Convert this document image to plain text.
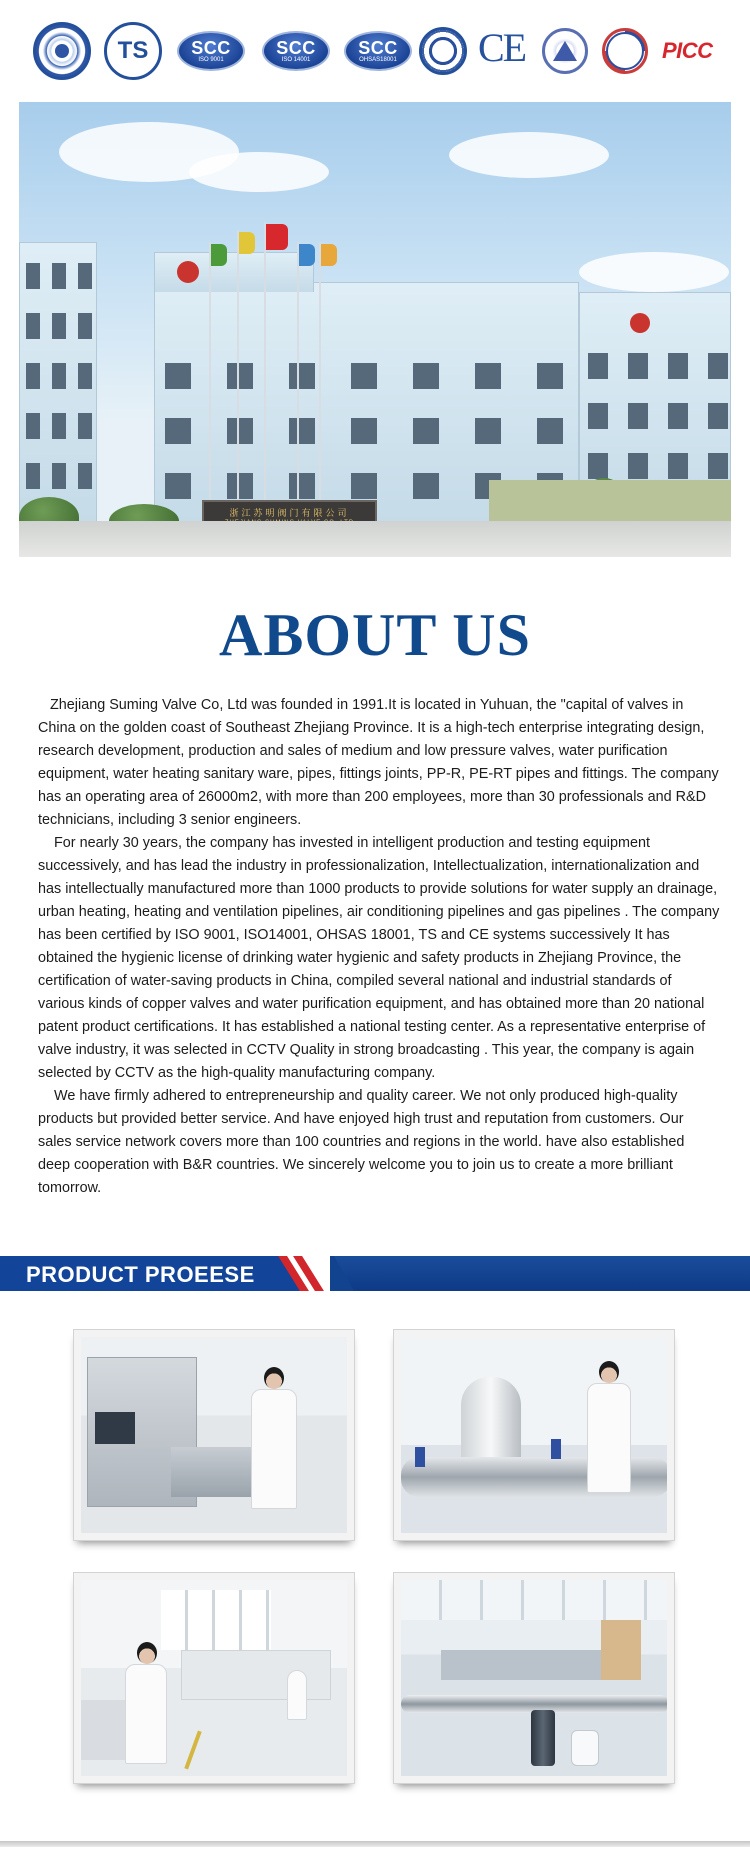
TS SCC
ISO 9001
SCC
ISO 14001
SCC
OHSAS18001 CE	PICC
浙江苏明阀门有限公司
ABOUT US

Zhejiang Suming Valve Co, Ltd was founded in 1991.It is located in Yuhuan, the "capital of valves in China on the golden coast of Southeast Zhejiang Province. It is a high-tech enterprise integrating design, research development, production and sales of medium and low pressure valves, water purification equipment, water heating sanitary ware, pipes, fittings joints, PP-R, PE-RT pipes and fittings. The company has an operating area of 26000m2, with more than 200 employees, more than 30 professionals and R&D technicians, including 3 senior engineers.

For nearly 30 years, the company has invested in intelligent production and testing equipment successively, and has lead the industry in professionalization, Intellectualization, internationalization and has intellectually manufactured more than 1000 products to provide solutions for water supply an drainage, urban heating, heating and ventilation pipelines, air conditioning pipelines and gas pipelines . The company has been certified by ISO 9001, ISO14001, OHSAS 18001, TS and CE systems successively It has obtained the hygienic license of drinking water hygienic and safety products in Zhejiang Province, the certification of water-saving products in China, compiled several national and industrial standards of various kinds of copper valves and water purification equipment, and has obtained more than 20 national patent product certifications. It has established a national testing center. As a representative enterprise of valve industry, it was selected in CCTV Quality in strong broadcasting . This year, the company is again selected by CCTV as the high-quality manufacturing company.

We have firmly adhered to entrepreneurship and quality career. We not only produced high-quality products but provided better service. And have enjoyed high trust and reputation from customers. Our sales service network covers more than 100 countries and regions in the world. have also established deep cooperation with B&R countries. We sincerely welcome you to join us to create a more brilliant tomorrow.

PRODUCT PROEESE
